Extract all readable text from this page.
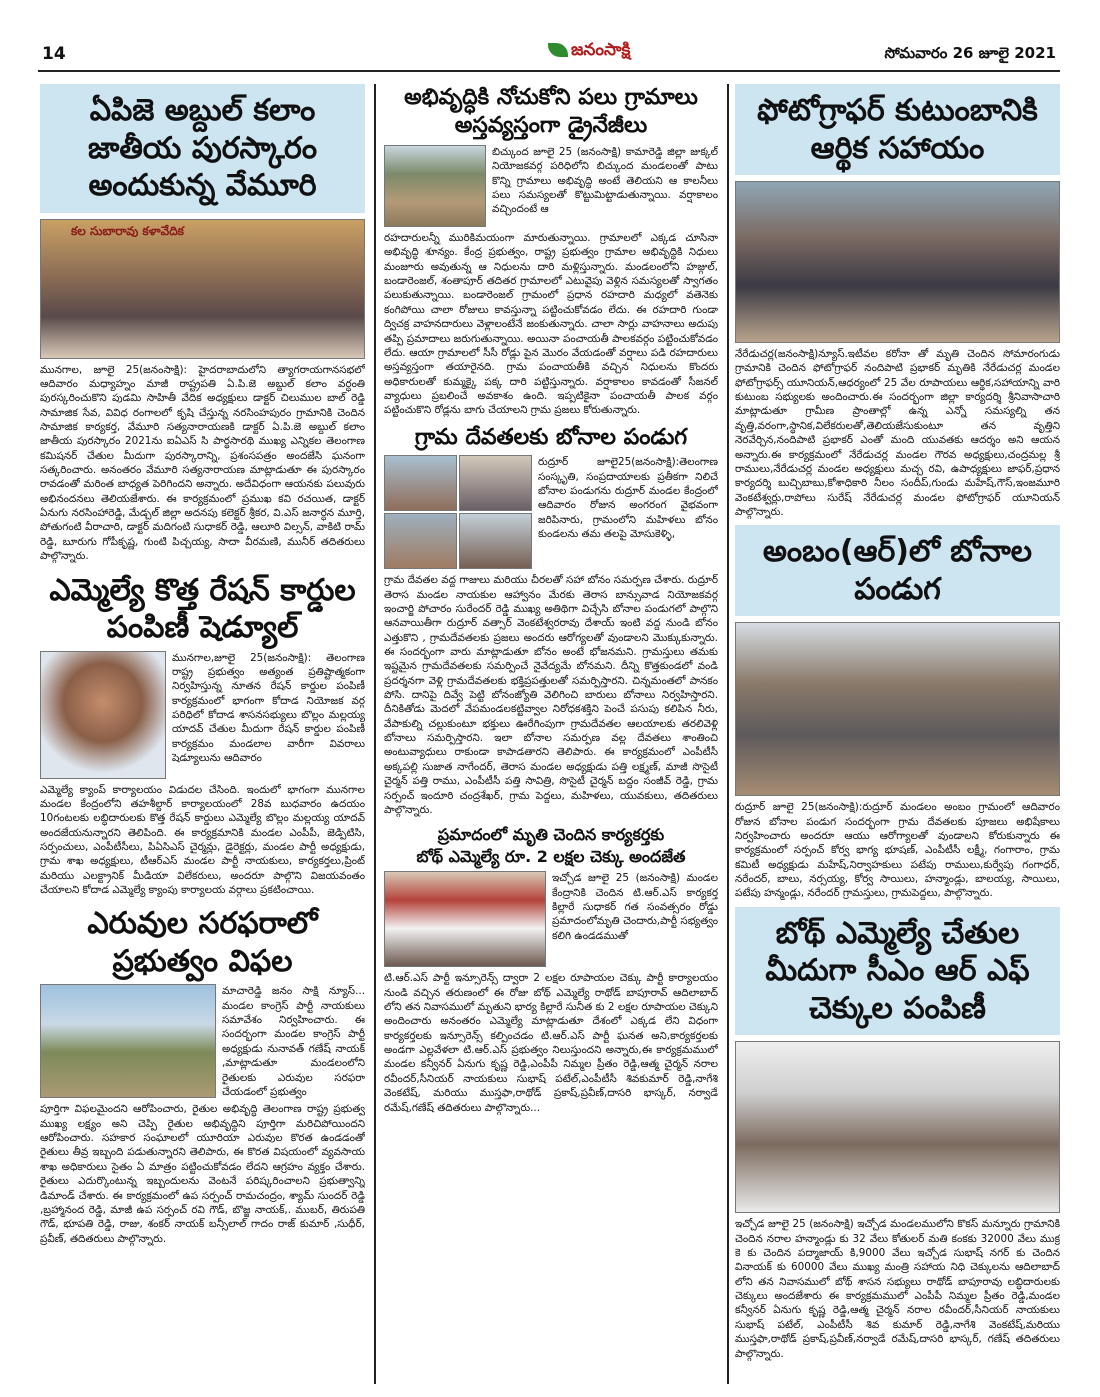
14	జనంసాక్షి	సోమవారం 26 జూలై 2021
ఏపిజె అబ్దుల్ కలాం జాతీయ పురస్కారం అందుకున్న వేమూరి
కల సుబారావు కళావేదిక
మునగాల, జూలై 25(జనంసాక్షి): హైదరాబాదులోని త్యాగరాయగానసభలో ఆదివారం మధ్యాహ్నం మాజీ రాష్ట్రపతి ఏ.పి.జె అబ్దుల్ కలాం వర్ధంతి పురస్కరించుకొని పుడమి సాహితీ వేదిక అధ్యక్షులు డాక్టర్ చిలుముల బాల్ రెడ్డి సామాజిక సేవ, వివిధ రంగాలలో కృషి చేస్తున్న నరసింహపురం గ్రామానికి చెందిన సామాజిక కార్యకర్త, వేమూరి సత్యనారాయణకి డాక్టర్ ఏ.పి.జె అబ్దుల్ కలాం జాతీయ పురస్కారం 2021ను ఐఏఎస్ సి పార్థసారథి ముఖ్య ఎన్నికల తెలంగాణ కమిషనర్ చేతుల మీదుగా పురస్కారాన్ని, ప్రశంసపత్రం అందజేసి ఘనంగా సత్కరించారు. అనంతరం వేమూరి సత్యనారాయణ మాట్లాడుతూ ఈ పురస్కారం రావడంతో మరింత బాధ్యత పెరిగిందని అన్నారు. అదేవిధంగా ఆయనకు పలువురు అభినందనలు తెలియజేశారు. ఈ కార్యక్రమంలో ప్రముఖ కవి రచయిత, డాక్టర్ ఏనుగు నరసింహారెడ్డి, మేడ్చల్ జిల్లా అదనపు కలెక్టర్ శ్రీకర, వి.ఎస్ జనార్ధన మూర్తి, పోతుగంటి వీరాచారి, డాక్టర్ మదిగంటి సుధాకర్ రెడ్డి, ఆలూరి విల్సన్, వాకిటి రామ్ రెడ్డి, బూరుగు గోపీకృష్ణ, గుంటి పిచ్చయ్య, సాదా వీరమణి, మునీర్ తదితరులు పాల్గొన్నారు.
ఎమ్మెల్యే కొత్త రేషన్ కార్డుల పంపిణీ షెడ్యూల్
మునగాల,జూలై 25(జనంసాక్షి): తెలంగాణ రాష్ట్ర ప్రభుత్వం అత్యంత ప్రతిష్టాత్మకంగా నిర్వహిస్తున్న నూతన రేషన్ కార్డుల పంపిణీ కార్యక్రమంలో భాగంగా కోదాడ నియోజక వర్గ పరిధిలో కోదాడ శాసనసభ్యులు బొల్లం మల్లయ్య యాదవ్ చేతుల మీదుగా రేషన్ కార్డుల పంపిణీ కార్యక్రమం మండలాల వారీగా వివరాలు షెడ్యూలును ఆదివారం
ఎమ్మెల్యే క్యాంప్ కార్యాలయం విడుదల చేసింది. ఇందులో భాగంగా మునగాల మండల కేంద్రంలోని తహశీల్దార్ కార్యాలయంలో 28వ బుధవారం ఉదయం 10గంటలకు లబ్ధిదారులకు కొత్త రేషన్ కార్డులు ఎమ్మెల్యే బొల్లం మల్లయ్య యాదవ్ అందజేయనున్నారని తెలిపింది. ఈ కార్యక్రమానికి మండల ఎంపీపీ, జెడ్పిటిసి, సర్పంచులు, ఎంపీటీసీలు, పిఏసిఎస్ చైర్మన్లు, డైరెక్టర్లు, మండల పార్టీ అధ్యక్షుడు, గ్రామ శాఖ అధ్యక్షులు, టీఆర్ఎస్ మండల పార్టీ నాయకులు, కార్యకర్తలు,ప్రింట్ మరియు ఎలక్ట్రానిక్ మీడియా విలేకరులు, అందరూ పాల్గొని విజయవంతం చేయాలని కోదాడ ఎమ్మెల్యే క్యాంపు కార్యాలయ వర్గాలు ప్రకటించాయి.
ఎరువుల సరఫరాలో ప్రభుత్వం విఫల
మాచారెడ్డి జనం సాక్షి న్యూస్... మండల కాంగ్రెస్ పార్టీ నాయకులు సమావేశం నిర్వహించారు. ఈ సందర్భంగా మండల కాంగ్రెస్ పార్టీ అధ్యక్షుడు నునావత్ గణేష్ నాయక్ ,మాట్లాడుతూ మండలంలోని రైతులకు ఎరువుల సరఫరా చేయడంలో ప్రభుత్వం
పూర్తిగా విఫలమైందని ఆరోపించారు, రైతుల అభివృద్ధి తెలంగాణ రాష్ట్ర ప్రభుత్వ ముఖ్య లక్ష్యం అని చెప్పి రైతుల అభివృద్ధిని పూర్తిగా మరిచిపోయిందని ఆరోపించారు. సహకార సంఘాలలో యూరియా ఎరువుల కొరత ఉండడంతో రైతులు తీవ్ర ఇబ్బంది పడుతున్నారని తెలిపారు, ఈ కొరత విషయంలో వ్యవసాయ శాఖ అధికారులు సైతం ఏ మాత్రం పట్టించుకోవడం లేదని ఆగ్రహం వ్యక్తం చేశారు. రైతులు ఎదుర్కొంటున్న ఇబ్బందులను వెంటనే పరిష్కరించాలని ప్రభుత్వాన్ని డిమాండ్ చేశారు. ఈ కార్యక్రమంలో ఉప సర్పంచ్ రామచంద్రం, శ్యామ్ సుందర్ రెడ్డి ,బ్రహ్మానంద రెడ్డి, మాజీ ఉప సర్పంచ్ రవి గౌడ్, బొజ్జ నాయక్,. ముబర్, తిరుపతి గౌడ్, భూపతి రెడ్డి, రాజు, శంకర్ నాయక్ బన్సీలాల్ గాదం రాజ్ కుమార్ ,సుధీర్, ప్రవీణ్, తదితరులు పాల్గొన్నారు.
అభివృద్ధికి నోచుకోని పలు గ్రామాలు అస్తవ్యస్తంగా డ్రైనేజీలు
బిచ్కుంద జూలై 25 (జనంసాక్షి) కామారెడ్డి జిల్లా జుక్కల్ నియోజకవర్గ పరిధిలోని బిచ్కుంద మండలంతో పాటు కొన్ని గ్రామాలు అభివృద్ధి అంటే తెలియని ఆ కాలనీలు పలు సమస్యలతో కొట్టుమిట్టాడుతున్నాయి. వర్షాకాలం వచ్చిందంటే ఆ
రహదారులన్నీ మురికిమయంగా మారుతున్నాయి. గ్రామాలలో ఎక్కడ చూసినా అభివృద్ధి శూన్యం. కేంద్ర ప్రభుత్వం, రాష్ట్ర ప్రభుత్వం గ్రామాల అభివృద్ధికి నిధులు మంజూరు అవుతున్న ఆ నిధులను దారి మళ్లిస్తున్నారు. మండలంలోని హజ్గుల్, బండారెంజల్, శంతాపూర్ తదితర గ్రామాలలో ఎటువైపు వెళ్లిన సమస్యలతో స్వాగతం పలుకుతున్నాయి. బండారెంజల్ గ్రామంలో ప్రధాన రహదారి మధ్యలో వతెనెకు కంగిపోయి చాలా రోజులు కావస్తున్నా పట్టించుకోవడం లేదు. ఈ రహదారి గుండా ద్విచక్ర వాహనదారులు వెళ్లాలంటేనే జంకుతున్నారు. చాలా సార్లు వాహనాలు అదుపు తప్పి ప్రమాదాలు జరుగుతున్నాయి. అయినా పంచాయతీ పాలకవర్గం పట్టించుకోవడం లేదు. ఆయా గ్రామాలలో సీసీ రోడ్లు పైన మొరం వేయడంతో వర్షాలు పడి రహదారులు అస్తవ్యస్తంగా తయారైనది. గ్రామ పంచాయతీకి వచ్చిన నిధులను కొందరు అధికారులతో కుమ్మక్కై పక్క దారి పట్టిస్తున్నారు. వర్షాకాలం కావడంతో సీజనల్ వ్యాధులు ప్రబలించే అవకాశం ఉంది. ఇప్పటికైనా పంచాయతీ పాలక వర్గం పట్టించుకొని రోడ్లను బాగు చేయాలని గ్రామ ప్రజలు కోరుతున్నారు.
గ్రామ దేవతలకు బోనాల పండుగ
రుద్రూర్ జూలై25(జనంసాక్షి):తెలంగాణ సంస్కృతి, సంప్రదాయాలకు ప్రతీకగా నిలిచే బోనాల పండుగను రుద్రూర్ మండల కేంద్రంలో ఆదివారం రోజున అంగరంగ వైభవంగా జరిపినారు, గ్రామంలోని మహిళలు బోనం కుండలను తమ తలపై మోసుకెళ్ళి,
గ్రామ దేవతల వద్ద గాజులు మరియు చీరలతో సహా బోనం సమర్పణ చేశారు. రుద్రూర్ తెరాస మండల నాయకుల ఆహ్వానం మేరకు తెరాస బాన్సువాడ నియోజకవర్గ ఇంచార్జి పోచారం సురేందర్ రెడ్డి ముఖ్య అతిథిగా విచ్చేసి బోనాల పండుగలో పాల్గొని ఆనవాయితీగా రుద్రూర్ వత్సార్ వెంకటేశ్వరరావు దేశాయ్ ఇంటి వద్ద నుండి బోనం ఎత్తుకొని , గ్రామదేవతలకు ప్రజలు అందరు ఆరోగ్యలతో వుండాలని మొక్కుకున్నారు. ఈ సందర్భంగా వారు మాట్లాడుతూ బోనం అంటే భోజనమని. గ్రామస్తులు తమకు ఇష్టమైన గ్రామదేవతలకు సమర్పించే నైవేద్యమే బోనమని. దీన్ని కొత్తకుండలో వండి ప్రదర్శనగా వెళ్లి గ్రామదేవతలకు భక్తిప్రపత్తులతో సమర్పిస్తారని. చిన్నమంతలో పానకం పోసి. దానిపై దివ్వే పెట్టి బోనంజ్యోతి వెలిగించి బారులు బోనాలు నిర్వహిస్తారని. దీనికితోడు మెదలో వేపమండలకట్టివ్వాల నిరోధకశక్తిని పెంచే పసుపు కలిపిన నీరు, వేపాకుల్ని చల్లుకుంటూ భక్తులు ఊరేగింపుగా గ్రామదేవతల ఆలయాలకు తరలివెళ్లి బోనాలు సమర్పిస్తారని. ఇలా బోనాల సమర్పణ వల్ల దేవతలు శాంతించి అంటువ్యాధులు రాకుండా కాపాడతారని తెలిపారు. ఈ కార్యక్రమంలో ఎంపీటీసీ అక్కపల్లి సుజాత నాగేందర్, తెరాస మండల అధ్యక్షుడు పత్తి లక్ష్మణ్, మాజీ సొసైటీ చైర్మన్ పత్తి రాము, ఎంపీటీసీ పత్తి సావిత్రి, సొసైటీ చైర్మన్ బద్దం సంజీవ్ రెడ్డి, గ్రామ సర్పంచ్ ఇందూరి చంద్రశేఖర్, గ్రామ పెద్దలు, మహిళలు, యువకులు, తదితరులు పాల్గొన్నారు.
ప్రమాదంలో మృతి చెందిన కార్యకర్తకు
బోథ్ ఎమ్మెల్యే రూ. 2 లక్షల చెక్కు అందజేత
ఇచ్చోడ జూలై 25 (జనంసాక్షి) మండల కేంద్రానికి చెందిన టి.ఆర్.ఎస్ కార్యకర్త కిల్లారే సుధాకర్ గత సంవత్సరం రోడ్డు ప్రమాదంలోమృతి చెందారు,పార్టీ సభ్యత్వం కలిగి ఉండడముతో
టి.ఆర్.ఎస్ పార్టీ ఇన్సూరెన్స్ ద్వారా 2 లక్షల రూపాయల చెక్కు పార్టీ కార్యాలయం నుండి వచ్చిన తరుణంలో ఈ రోజు బోథ్ ఎమ్మెల్యే రాథోడ్ బాపూరావ్ ఆదిలాబాద్ లోని తన నివాసములో మృతుని భార్య కిల్లారే సునీత కు 2 లక్షల రూపాయల చెక్కుని అందించారు అనంతరం ఎమ్మెల్యే మాట్లాడుతూ దేశంలో ఎక్కడ లేని విధంగా కార్యకర్తలకు ఇన్సూరెన్స్ కల్పించడం టి.ఆర్.ఎస్ పార్టీ ఘనత అని,కార్యకర్తలకు అండగా ఎల్లవేళలా టి.ఆర్.ఎస్ ప్రభుత్వం నిలుస్తుందని అన్నారు,ఈ కార్యక్రమములో మండల కన్వీనర్ ఏనుగు కృష్ణ రెడ్డి,ఎంపీపీ నిమ్మల ప్రీతం రెడ్డి,ఆత్మ చైర్మన్ నరాల రవీందర్,సీనియర్ నాయకులు సుభాష్ పటేల్,ఎంపీటీసీ శివకుమార్ రెడ్డి,నాగేశి వెంకటేష్, మరియు ముస్తఫా,రాథోడ్ ప్రకాష్,ప్రవీణ్,దాసరి భాస్కర్, నర్వాడే రమేష్,గణేష్ తదితరులు పాల్గొన్నారు...
ఫోటోగ్రాఫర్ కుటుంబానికి ఆర్థిక సహాయం
నేరేడుచర్ల(జనంసాక్షి)న్యూస్.ఇటీవల కరోనా తో మృతి చెందిన సోమారంగుడు గ్రామానికి చెందిన ఫోటోగ్రాఫర్ నందిపాటి ప్రభాకర్ మృతికి నేరేడుచర్ల మండల ఫోటోగ్రాఫర్స్ యూనియన్,ఆధర్యంలో 25 వేల రూపాయలు ఆర్థిక,సహాయాన్ని వారి కుటుంబ సభ్యులకు అందించారు.ఈ సందర్భంగా జిల్లా కార్యదర్శి శ్రీనివాసాచారి మాట్లాడుతూ గ్రామీణ ప్రాంతాల్లో ఉన్న ఎన్నో సమస్యల్ని తన వృత్తి,వరంగా,స్థానిక,విలేకరులతో,తెలియజేసుకుంటూ తన వృత్తిని నెరవేర్చిన,నందిపాటి ప్రభాకర్ ఎంతో మంది యువతకు ఆదర్శం అని ఆయన అన్నారు.ఈ కార్యక్రమంలో నేరేడుచర్ల మండల గౌరవ అధ్యక్షులు,చంద్రమల్ల శ్రీ రాములు,నేరేడుచర్ల మండల అధ్యక్షులు మచ్చ రవి, ఉపాధ్యక్షులు జాఫర్,ప్రధాన కార్యదర్శి బుచ్చిబాబు,కోశాధికారి నీలం సందీప్,గుండు మహేష్,గౌస్,ఇంజమూరి వెంకటేశ్వర్లు,రాపోలు సురేష్ నేరేడుచర్ల మండల ఫోటోగ్రాఫర్ యూనియన్ పాల్గొన్నారు.
అంబం(ఆర్)లో బోనాల పండుగ
రుద్రూర్ జూలై 25(జనంసాక్షి):రుద్రూర్ మండలం అంబం గ్రామంలో ఆదివారం రోజున బోనాల పండుగ సందర్భంగా గ్రామ దేవతలకు పూజలు అభిషేకాలు నిర్వహించారు అందరూ ఆయు ఆరోగ్యాలతో వుండాలని కోరుకున్నారు ఈ కార్యక్రమంలో సర్పంచ్ కోర్వ భాగ్య భూషణ్, ఎంపీటీసీ లక్ష్మీ, గంగారాం, గ్రామ కమిటీ అధ్యక్షుడు మహేష్,నిర్వాహకులు పటేపు రాములు,కుర్వేపు గంగాధర్, నరేందర్, బాలు, నర్సయ్య, కోర్వ సాయిలు, హన్మాండ్లు, బాలయ్య, సాయిలు, పటేపు హన్మండ్లు, నరేందర్ గ్రామస్తులు, గ్రామపెద్దలు, పాల్గొన్నారు.
బోథ్ ఎమ్మెల్యే చేతుల మీదుగా సీఎం ఆర్ ఎఫ్ చెక్కుల పంపిణీ
ఇచ్చోడ జూలై 25 (జనంసాక్షి) ఇచ్చోడ మండలములోని కొకస్ మన్నూరు గ్రామానికి చెందిన నరాల హన్మాండ్లు కు 32 వేలు కోతులర్ మతి కంకకు 32000 వేలు ముక్ర కె కు చెందిన పద్మాజాయ్ కి,9000 వేలు ఇచ్చోడ సుభాష్ నగర్ కు చెందిన వినాయక్ కు 60000 వేలు ముఖ్య మంత్రి సహాయ నిధి చెక్కులను ఆదిలాబాద్ లోని తన నివాసములో బోథ్ శాసన సభ్యులు రాథోడ్ బాపూరావు లబ్ధిదారులకు చెక్కులు అందజేశారు ఈ కార్యక్రమములో ఎంపీపీ నిమ్మల ప్రీతం రెడ్డి,మండల కన్వీనర్ ఏనుగు కృష్ణ రెడ్డి,ఆత్మ చైర్మన్ నరాల రవీందర్,సీనియర్ నాయకులు సుభాష్ పటేల్, ఎంపీటీసీ శివ కుమార్ రెడ్డి,నాగేశి వెంకటేష్,మరియు ముస్తఫా,రాథోడ్ ప్రకాష్,ప్రవీణ్,నర్వాడే రమేష్,దాసరి భాస్కర్, గణేష్ తదితరులు పాల్గొన్నారు.
